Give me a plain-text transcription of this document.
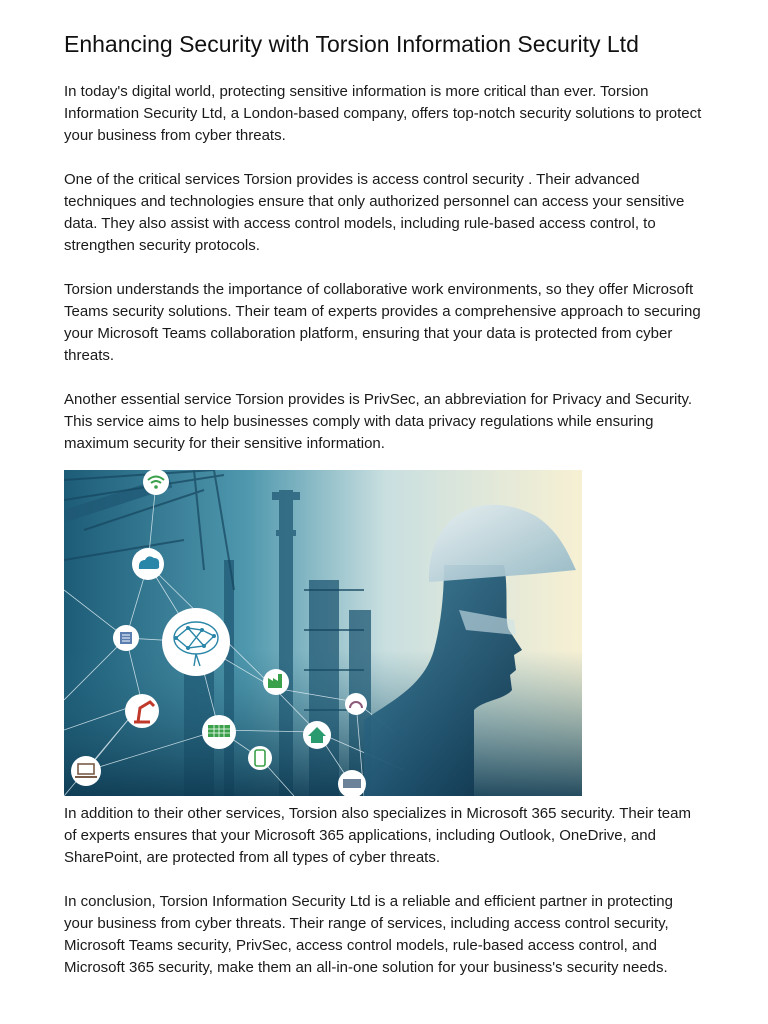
Enhancing Security with Torsion Information Security Ltd

In today's digital world, protecting sensitive information is more critical than ever. Torsion Information Security Ltd, a London-based company, offers top-notch security solutions to protect your business from cyber threats.

One of the critical services Torsion provides is access control security . Their advanced techniques and technologies ensure that only authorized personnel can access your sensitive data. They also assist with access control models, including rule-based access control, to strengthen security protocols.

Torsion understands the importance of collaborative work environments, so they offer Microsoft Teams security solutions. Their team of experts provides a comprehensive approach to securing your Microsoft Teams collaboration platform, ensuring that your data is protected from cyber threats.

Another essential service Torsion provides is PrivSec, an abbreviation for Privacy and Security. This service aims to help businesses comply with data privacy regulations while ensuring maximum security for their sensitive information.

In addition to their other services, Torsion also specializes in Microsoft 365 security. Their team of experts ensures that your Microsoft 365 applications, including Outlook, OneDrive, and SharePoint, are protected from all types of cyber threats.

In conclusion, Torsion Information Security Ltd is a reliable and efficient partner in protecting your business from cyber threats. Their range of services, including access control security, Microsoft Teams security, PrivSec, access control models, rule-based access control, and Microsoft 365 security, make them an all-in-one solution for your business's security needs.
